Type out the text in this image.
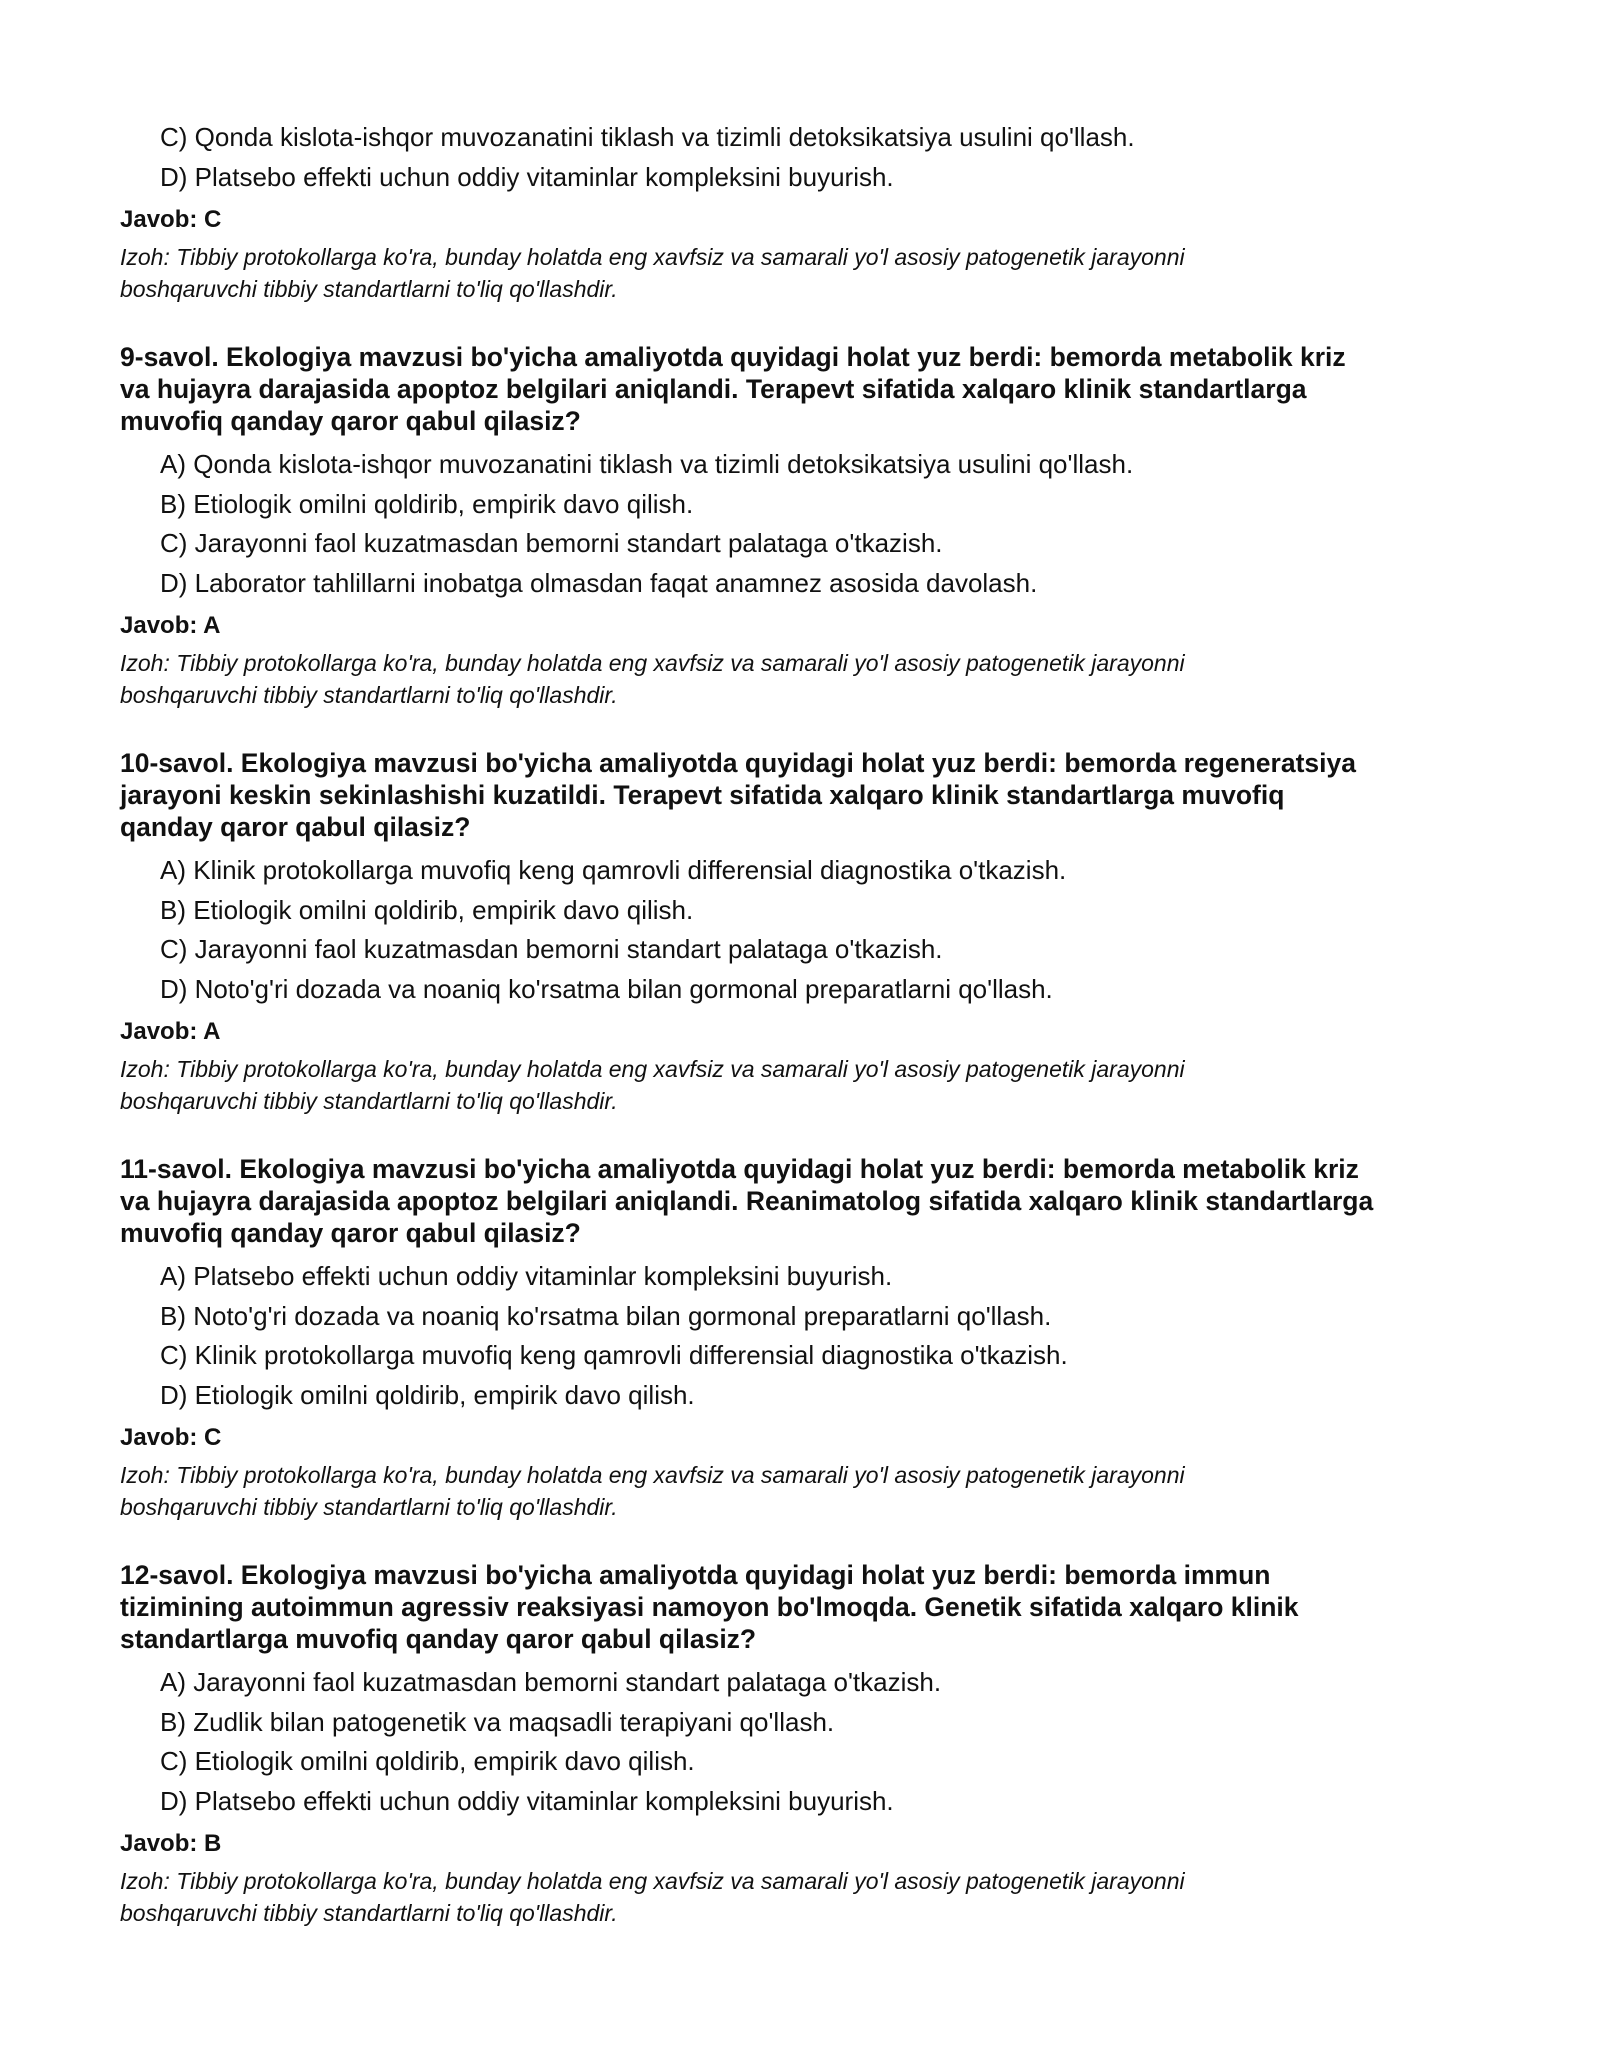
C) Qonda kislota-ishqor muvozanatini tiklash va tizimli detoksikatsiya usulini qo'llash.
D) Platsebo effekti uchun oddiy vitaminlar kompleksini buyurish.
Javob: C
Izoh: Tibbiy protokollarga ko'ra, bunday holatda eng xavfsiz va samarali yo'l asosiy patogenetik jarayonni
boshqaruvchi tibbiy standartlarni to'liq qo'llashdir.
9-savol. Ekologiya mavzusi bo'yicha amaliyotda quyidagi holat yuz berdi: bemorda metabolik kriz
va hujayra darajasida apoptoz belgilari aniqlandi. Terapevt sifatida xalqaro klinik standartlarga
muvofiq qanday qaror qabul qilasiz?
A) Qonda kislota-ishqor muvozanatini tiklash va tizimli detoksikatsiya usulini qo'llash.
B) Etiologik omilni qoldirib, empirik davo qilish.
C) Jarayonni faol kuzatmasdan bemorni standart palataga o'tkazish.
D) Laborator tahlillarni inobatga olmasdan faqat anamnez asosida davolash.
Javob: A
Izoh: Tibbiy protokollarga ko'ra, bunday holatda eng xavfsiz va samarali yo'l asosiy patogenetik jarayonni
boshqaruvchi tibbiy standartlarni to'liq qo'llashdir.
10-savol. Ekologiya mavzusi bo'yicha amaliyotda quyidagi holat yuz berdi: bemorda regeneratsiya
jarayoni keskin sekinlashishi kuzatildi. Terapevt sifatida xalqaro klinik standartlarga muvofiq
qanday qaror qabul qilasiz?
A) Klinik protokollarga muvofiq keng qamrovli differensial diagnostika o'tkazish.
B) Etiologik omilni qoldirib, empirik davo qilish.
C) Jarayonni faol kuzatmasdan bemorni standart palataga o'tkazish.
D) Noto'g'ri dozada va noaniq ko'rsatma bilan gormonal preparatlarni qo'llash.
Javob: A
Izoh: Tibbiy protokollarga ko'ra, bunday holatda eng xavfsiz va samarali yo'l asosiy patogenetik jarayonni
boshqaruvchi tibbiy standartlarni to'liq qo'llashdir.
11-savol. Ekologiya mavzusi bo'yicha amaliyotda quyidagi holat yuz berdi: bemorda metabolik kriz
va hujayra darajasida apoptoz belgilari aniqlandi. Reanimatolog sifatida xalqaro klinik standartlarga
muvofiq qanday qaror qabul qilasiz?
A) Platsebo effekti uchun oddiy vitaminlar kompleksini buyurish.
B) Noto'g'ri dozada va noaniq ko'rsatma bilan gormonal preparatlarni qo'llash.
C) Klinik protokollarga muvofiq keng qamrovli differensial diagnostika o'tkazish.
D) Etiologik omilni qoldirib, empirik davo qilish.
Javob: C
Izoh: Tibbiy protokollarga ko'ra, bunday holatda eng xavfsiz va samarali yo'l asosiy patogenetik jarayonni
boshqaruvchi tibbiy standartlarni to'liq qo'llashdir.
12-savol. Ekologiya mavzusi bo'yicha amaliyotda quyidagi holat yuz berdi: bemorda immun
tizimining autoimmun agressiv reaksiyasi namoyon bo'lmoqda. Genetik sifatida xalqaro klinik
standartlarga muvofiq qanday qaror qabul qilasiz?
A) Jarayonni faol kuzatmasdan bemorni standart palataga o'tkazish.
B) Zudlik bilan patogenetik va maqsadli terapiyani qo'llash.
C) Etiologik omilni qoldirib, empirik davo qilish.
D) Platsebo effekti uchun oddiy vitaminlar kompleksini buyurish.
Javob: B
Izoh: Tibbiy protokollarga ko'ra, bunday holatda eng xavfsiz va samarali yo'l asosiy patogenetik jarayonni
boshqaruvchi tibbiy standartlarni to'liq qo'llashdir.
